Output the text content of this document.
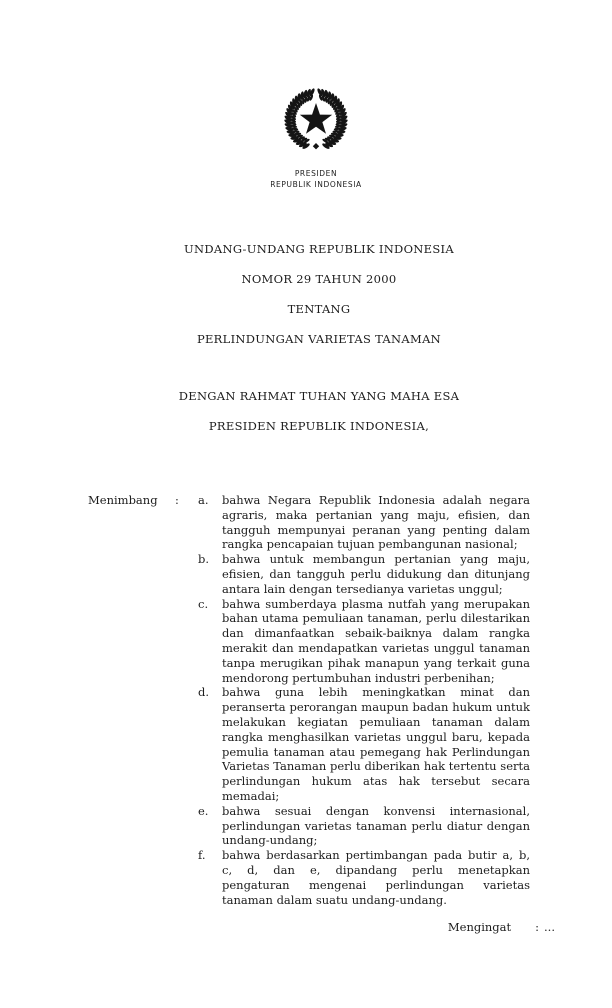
PRESIDEN
REPUBLIK INDONESIA
UNDANG-UNDANG REPUBLIK INDONESIA
NOMOR 29 TAHUN 2000
TENTANG
PERLINDUNGAN VARIETAS TANAMAN
DENGAN RAHMAT TUHAN YANG MAHA ESA
PRESIDEN REPUBLIK INDONESIA,
Menimbang	:	a.	bahwa Negara Republik Indonesia adalah negara agraris, maka pertanian yang maju, efisien, dan tangguh mempunyai peranan yang penting dalam rangka pencapaian tujuan pembangunan nasional;
b.	bahwa untuk membangun pertanian yang maju, efisien, dan tangguh perlu didukung dan ditunjang antara lain dengan tersedianya varietas unggul;
c.	bahwa sumberdaya plasma nutfah yang merupakan bahan utama pemuliaan tanaman, perlu dilestarikan dan dimanfaatkan sebaik-baiknya dalam rangka merakit dan mendapatkan varietas unggul tanaman tanpa merugikan pihak manapun yang terkait guna mendorong pertumbuhan industri perbenihan;
d.	bahwa guna lebih meningkatkan minat dan peranserta perorangan maupun badan hukum untuk melakukan kegiatan pemuliaan tanaman dalam rangka menghasilkan varietas unggul baru, kepada pemulia tanaman atau pemegang hak Perlindungan Varietas Tanaman perlu diberikan hak tertentu serta perlindungan hukum atas hak tersebut secara memadai;
e.	bahwa sesuai dengan konvensi internasional, perlindungan varietas tanaman perlu diatur dengan undang-undang;
f.	bahwa berdasarkan pertimbangan pada butir a, b, c, d, dan e, dipandang perlu menetapkan pengaturan mengenai perlindungan varietas tanaman dalam suatu undang-undang.
Mengingat : ...
